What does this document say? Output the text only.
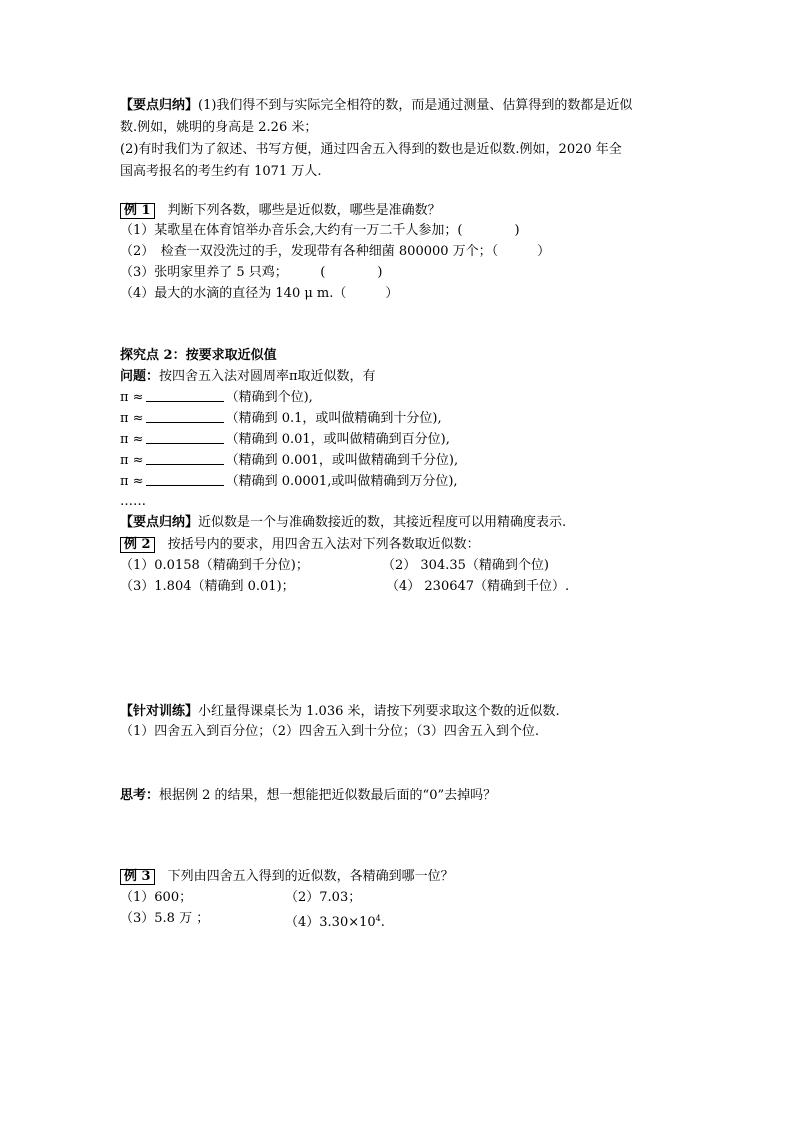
【要点归纳】(1)我们得不到与实际完全相符的数，而是通过测量、估算得到的数都是近似
数.例如，姚明的身高是 2.26 米；
(2)有时我们为了叙述、书写方便，通过四舍五入得到的数也是近似数.例如，2020 年全
国高考报名的考生约有 1071 万人.
例 1　 判断下列各数，哪些是近似数，哪些是准确数？
（1）某歌星在体育馆举办音乐会,大约有一万二千人参加；(　　　　)
（2）　检查一双没洗过的手，发现带有各种细菌 800000 万个；（　　　）
（3）张明家里养了 5 只鸡；　　　(　　　　)
（4）最大的水滴的直径为 140 μ m.（　　　）
探究点 2：按要求取近似值
问题：按四舍五入法对圆周率π取近似数，有
π ≈	（精确到个位),
π ≈	（精确到 0.1，或叫做精确到十分位),
π ≈	（精确到 0.01，或叫做精确到百分位),
π ≈	（精确到 0.001，或叫做精确到千分位),
π ≈	（精确到 0.0001,或叫做精确到万分位),
……
【要点归纳】近似数是一个与准确数接近的数，其接近程度可以用精确度表示.
例 2　 按括号内的要求，用四舍五入法对下列各数取近似数：
（1）0.0158（精确到千分位)；	（2） 304.35（精确到个位)
（3）1.804（精确到 0.01)；	（4） 230647（精确到千位）.
【针对训练】小红量得课桌长为 1.036 米，请按下列要求取这个数的近似数.
（1）四舍五入到百分位；（2）四舍五入到十分位；（3）四舍五入到个位.
思考：根据例 2 的结果，想一想能把近似数最后面的“0”去掉吗？
例 3　 下列由四舍五入得到的近似数，各精确到哪一位？
（1）600；	（2）7.03；
（3）5.8 万 ；	$(4)3.30\times 10^4$.
